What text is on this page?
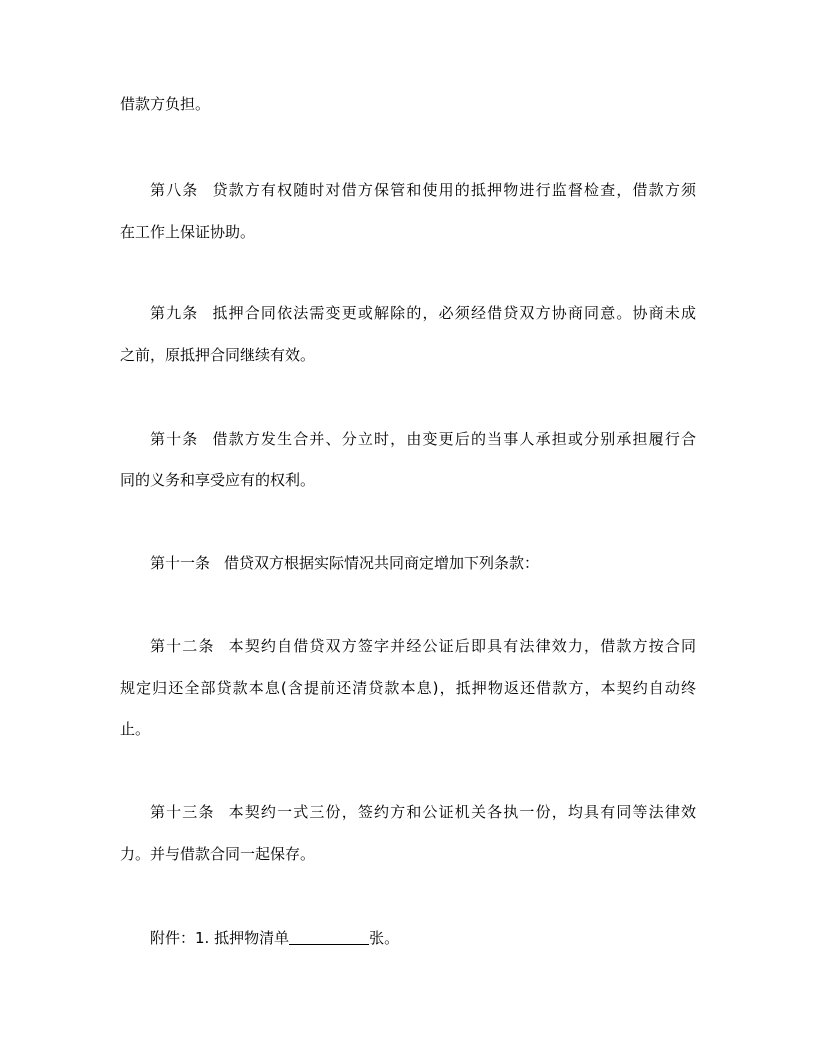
借款方负担。
第八条 贷款方有权随时对借方保管和使用的抵押物进行监督检查，借款方须
在工作上保证协助。
第九条 抵押合同依法需变更或解除的，必须经借贷双方协商同意。协商未成
之前，原抵押合同继续有效。
第十条 借款方发生合并、分立时，由变更后的当事人承担或分别承担履行合
同的义务和享受应有的权利。
第十一条 借贷双方根据实际情况共同商定增加下列条款：
第十二条 本契约自借贷双方签字并经公证后即具有法律效力，借款方按合同
规定归还全部贷款本息(含提前还清贷款本息)，抵押物返还借款方，本契约自动终
止。
第十三条 本契约一式三份，签约方和公证机关各执一份，均具有同等法律效
力。并与借款合同一起保存。
附件：1. 抵押物清单	张。
